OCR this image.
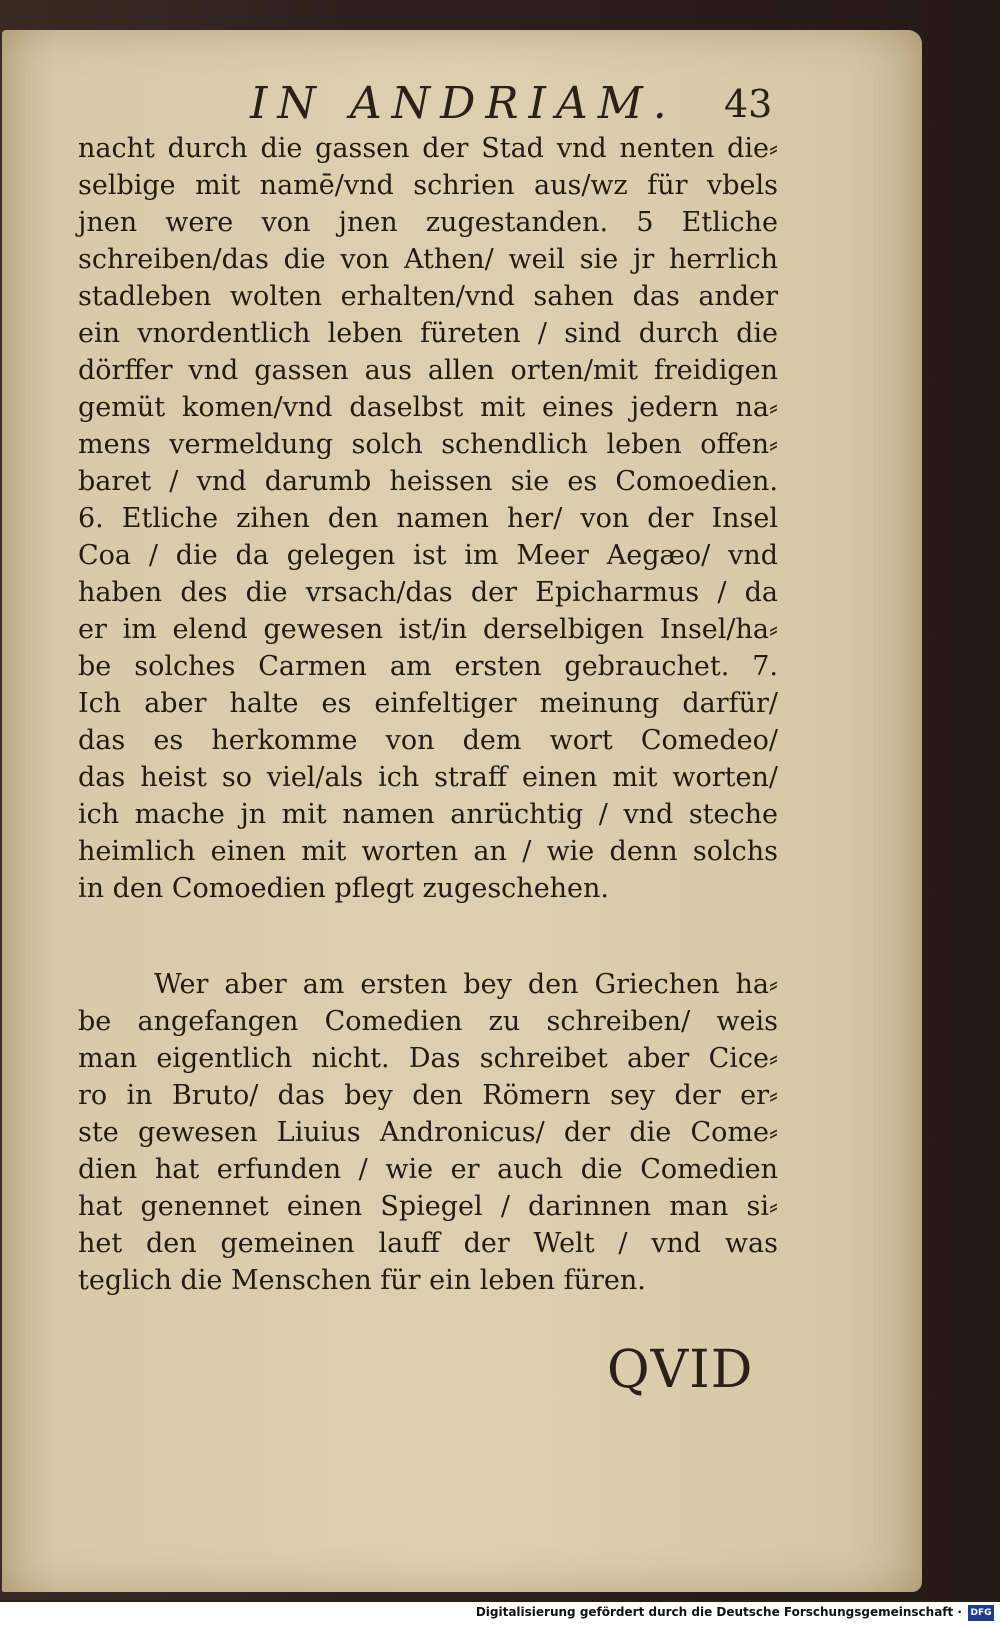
IN ANDRIAM. 43
nacht durch die gassen der Stad vnd nenten die⸗
selbige mit namē/vnd schrien aus/wz für vbels
jnen were von jnen zugestanden. 5 Etliche
schreiben/das die von Athen/ weil sie jr herrlich
stadleben wolten erhalten/vnd sahen das ander
ein vnordentlich leben füreten / sind durch die
dörffer vnd gassen aus allen orten/mit freidigen
gemüt komen/vnd daselbst mit eines jedern na⸗
mens vermeldung solch schendlich leben offen⸗
baret / vnd darumb heissen sie es Comoedien.
6. Etliche zihen den namen her/ von der Insel
Coa / die da gelegen ist im Meer Aegæo/ vnd
haben des die vrsach/das der Epicharmus / da
er im elend gewesen ist/in derselbigen Insel/ha⸗
be solches Carmen am ersten gebrauchet. 7.
Ich aber halte es einfeltiger meinung darfür/
das es herkomme von dem wort Comedeo/
das heist so viel/als ich straff einen mit worten/
ich mache jn mit namen anrüchtig / vnd steche
heimlich einen mit worten an / wie denn solchs
in den Comoedien pflegt zugeschehen.
Wer aber am ersten bey den Griechen ha⸗
be angefangen Comedien zu schreiben/ weis
man eigentlich nicht. Das schreibet aber Cice⸗
ro in Bruto/ das bey den Römern sey der er⸗
ste gewesen Liuius Andronicus/ der die Come⸗
dien hat erfunden / wie er auch die Comedien
hat genennet einen Spiegel / darinnen man si⸗
het den gemeinen lauff der Welt / vnd was
teglich die Menschen für ein leben füren.
QVID
Digitalisierung gefördert durch die Deutsche Forschungsgemeinschaft · DFG
